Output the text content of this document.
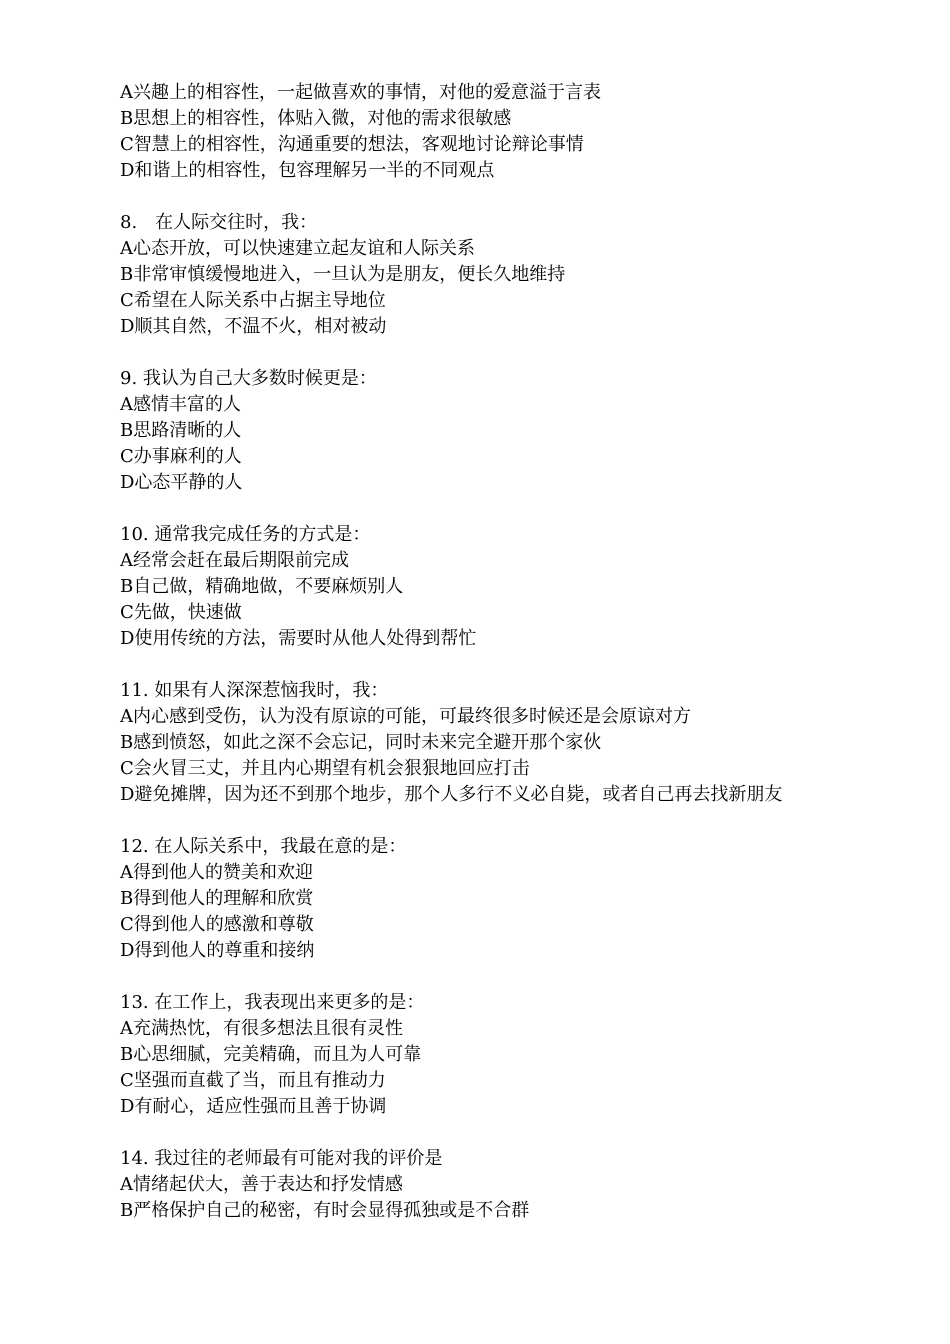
A兴趣上的相容性，一起做喜欢的事情，对他的爱意溢于言表

B思想上的相容性，体贴入微，对他的需求很敏感

C智慧上的相容性，沟通重要的想法，客观地讨论辩论事情

D和谐上的相容性，包容理解另一半的不同观点

8.　在人际交往时，我：

A心态开放，可以快速建立起友谊和人际关系

B非常审慎缓慢地进入，一旦认为是朋友，便长久地维持

C希望在人际关系中占据主导地位

D顺其自然，不温不火，相对被动

9. 我认为自己大多数时候更是：

A感情丰富的人

B思路清晰的人

C办事麻利的人

D心态平静的人

10. 通常我完成任务的方式是：

A经常会赶在最后期限前完成

B自己做，精确地做，不要麻烦别人

C先做，快速做

D使用传统的方法，需要时从他人处得到帮忙

11. 如果有人深深惹恼我时，我：

A内心感到受伤，认为没有原谅的可能，可最终很多时候还是会原谅对方

B感到愤怒，如此之深不会忘记，同时未来完全避开那个家伙

C会火冒三丈，并且内心期望有机会狠狠地回应打击

D避免摊牌，因为还不到那个地步，那个人多行不义必自毙，或者自己再去找新朋友

12. 在人际关系中，我最在意的是：

A得到他人的赞美和欢迎

B得到他人的理解和欣赏

C得到他人的感激和尊敬

D得到他人的尊重和接纳

13. 在工作上，我表现出来更多的是：

A充满热忱，有很多想法且很有灵性

B心思细腻，完美精确，而且为人可靠

C坚强而直截了当，而且有推动力

D有耐心，适应性强而且善于协调

14. 我过往的老师最有可能对我的评价是

A情绪起伏大，善于表达和抒发情感

B严格保护自己的秘密，有时会显得孤独或是不合群
